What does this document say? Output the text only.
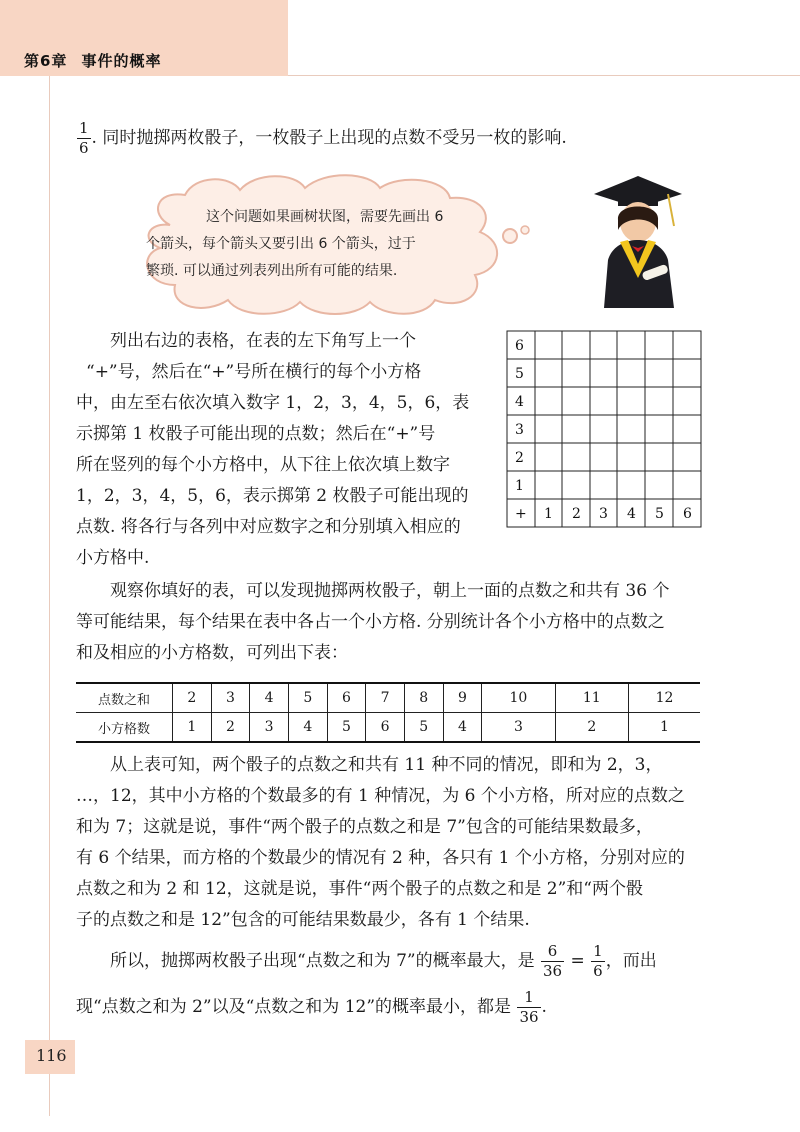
第6章 事件的概率

$\frac{1}{6}$ . 同时抛掷两枚骰子，一枚骰子上出现的点数不受另一枚的影响.

这个问题如果画树状图，需要先画出 6
个箭头，每个箭头又要引出 6 个箭头，过于
繁琐. 可以通过列表列出所有可能的结果.
列出右边的表格，在表的左下角写上一个
“+”号，然后在“+”号所在横行的每个小方格
中，由左至右依次填入数字 1，2，3，4，5，6，表
示掷第 1 枚骰子可能出现的点数；然后在“+”号
所在竖列的每个小方格中，从下往上依次填上数字
1，2，3，4，5，6，表示掷第 2 枚骰子可能出现的
点数. 将各行与各列中对应数字之和分别填入相应的
小方格中.
6
5
4
3
2
1
+ 1 2 3 4 5 6
观察你填好的表，可以发现抛掷两枚骰子，朝上一面的点数之和共有 36 个
等可能结果，每个结果在表中各占一个小方格. 分别统计各个小方格中的点数之
和及相应的小方格数，可列出下表：
点数之和	2	3	4	5	6	7	8	9	10	11	12
小方格数	1	2	3	4	5	6	5	4	3	2	1
从上表可知，两个骰子的点数之和共有 11 种不同的情况，即和为 2，3，
…，12，其中小方格的个数最多的有 1 种情况，为 6 个小方格，所对应的点数之
和为 7；这就是说，事件“两个骰子的点数之和是 7”包含的可能结果数最多，
有 6 个结果，而方格的个数最少的情况有 2 种，各只有 1 个小方格，分别对应的
点数之和为 2 和 12，这就是说，事件“两个骰子的点数之和是 2”和“两个骰
子的点数之和是 12”包含的可能结果数最少，各有 1 个结果.
所以，抛掷两枚骰子出现“点数之和为 7”的概率最大，是 $\frac{6}{36} = \frac{1}{6}$ ，而出
现“点数之和为 2”以及“点数之和为 12”的概率最小，都是 $\frac{1}{36}$ .
116
